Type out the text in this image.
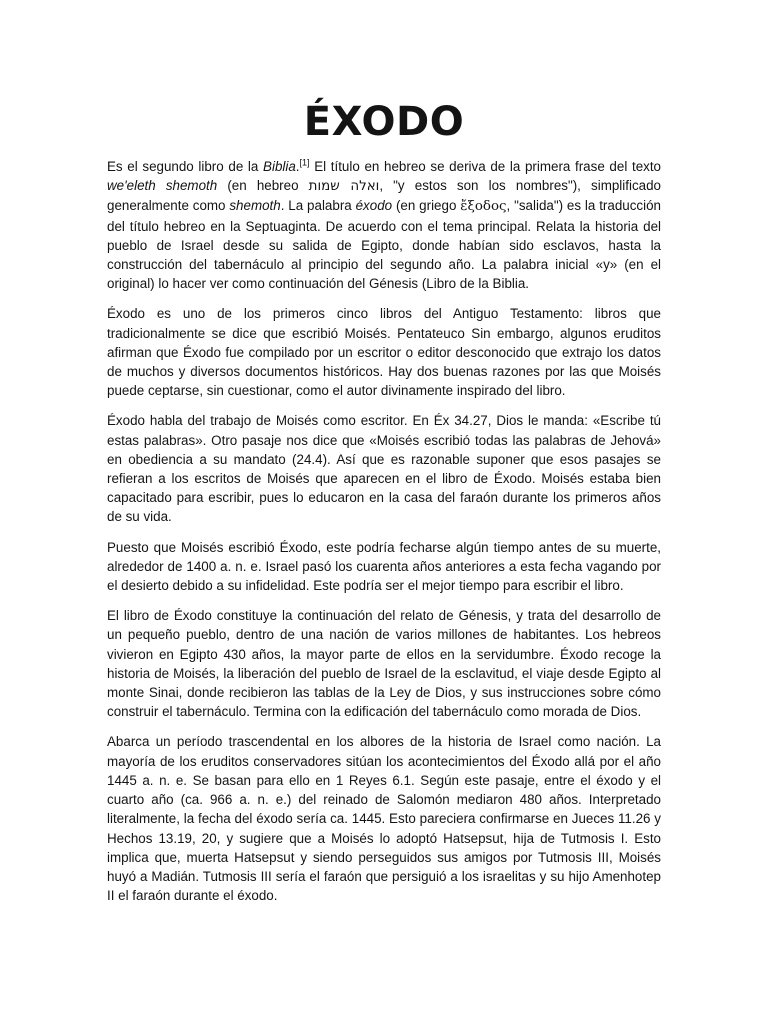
ÉXODO

Es el segundo libro de la Biblia.[1] El título en hebreo se deriva de la primera frase del texto we'eleth shemoth (en hebreo ואלה שמות, "y estos son los nombres"), simplificado generalmente como shemoth. La palabra éxodo (en griego ἔξοδος, "salida") es la traducción del título hebreo en la Septuaginta. De acuerdo con el tema principal. Relata la historia del pueblo de Israel desde su salida de Egipto, donde habían sido esclavos, hasta la construcción del tabernáculo al principio del segundo año. La palabra inicial «y» (en el original) lo hacer ver como continuación del Génesis (Libro de la Biblia.

Éxodo es uno de los primeros cinco libros del Antiguo Testamento: libros que tradicionalmente se dice que escribió Moisés. Pentateuco Sin embargo, algunos eruditos afirman que Éxodo fue compilado por un escritor o editor desconocido que extrajo los datos de muchos y diversos documentos históricos. Hay dos buenas razones por las que Moisés puede ceptarse, sin cuestionar, como el autor divinamente inspirado del libro.

Éxodo habla del trabajo de Moisés como escritor. En Éx 34.27, Dios le manda: «Escribe tú estas palabras». Otro pasaje nos dice que «Moisés escribió todas las palabras de Jehová» en obediencia a su mandato (24.4). Así que es razonable suponer que esos pasajes se refieran a los escritos de Moisés que aparecen en el libro de Éxodo. Moisés estaba bien capacitado para escribir, pues lo educaron en la casa del faraón durante los primeros años de su vida.

Puesto que Moisés escribió Éxodo, este podría fecharse algún tiempo antes de su muerte, alrededor de 1400 a. n. e. Israel pasó los cuarenta años anteriores a esta fecha vagando por el desierto debido a su infidelidad. Este podría ser el mejor tiempo para escribir el libro.

El libro de Éxodo constituye la continuación del relato de Génesis, y trata del desarrollo de un pequeño pueblo, dentro de una nación de varios millones de habitantes. Los hebreos vivieron en Egipto 430 años, la mayor parte de ellos en la servidumbre. Éxodo recoge la historia de Moisés, la liberación del pueblo de Israel de la esclavitud, el viaje desde Egipto al monte Sinai, donde recibieron las tablas de la Ley de Dios, y sus instrucciones sobre cómo construir el tabernáculo. Termina con la edificación del tabernáculo como morada de Dios.

Abarca un período trascendental en los albores de la historia de Israel como nación. La mayoría de los eruditos conservadores sitúan los acontecimientos del Éxodo allá por el año 1445 a. n. e. Se basan para ello en 1 Reyes 6.1. Según este pasaje, entre el éxodo y el cuarto año (ca. 966 a. n. e.) del reinado de Salomón mediaron 480 años. Interpretado literalmente, la fecha del éxodo sería ca. 1445. Esto pareciera confirmarse en Jueces 11.26 y Hechos 13.19, 20, y sugiere que a Moisés lo adoptó Hatsepsut, hija de Tutmosis I. Esto implica que, muerta Hatsepsut y siendo perseguidos sus amigos por Tutmosis III, Moisés huyó a Madián. Tutmosis III sería el faraón que persiguió a los israelitas y su hijo Amenhotep II el faraón durante el éxodo.
